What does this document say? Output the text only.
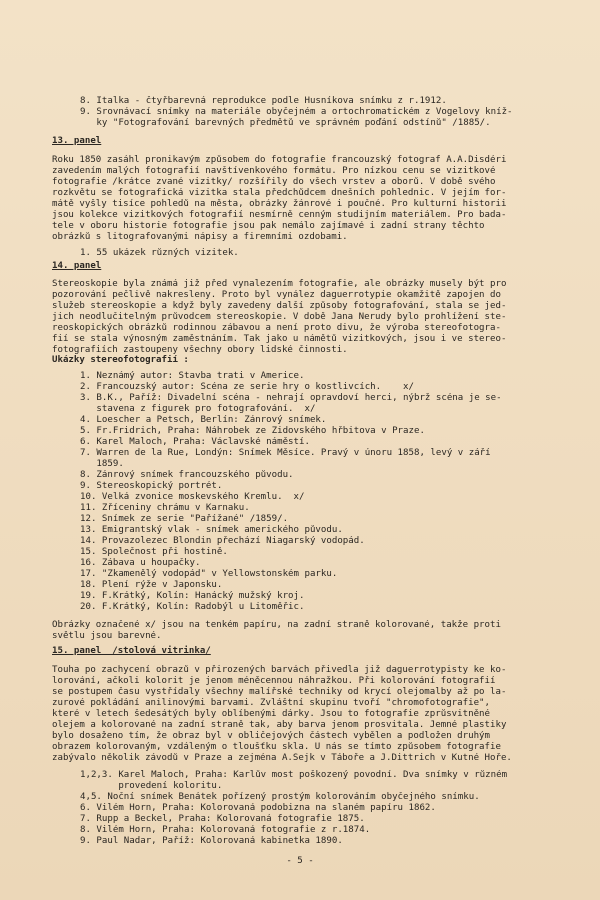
8. Italka - čtyřbarevná reprodukce podle Husníkova snímku z r.1912.
9. Srovnávací snímky na materiále obyčejném a ortochromatickém z Vogelovy kníž-
ky "Fotografování barevných předmětů ve správném poďání odstínů" /1885/.
13. panel
Roku 1850 zasáhl pronikavým způsobem do fotografie francouzský fotograf A.A.Disdéri
zavedením malých fotografií navštívenkového formátu. Pro nízkou cenu se vizitkové
fotografie /krátce zvané vizitky/ rozšířily do všech vrstev a oborů. V době svého
rozkvětu se fotografická vizitka stala předchůdcem dnešních pohlednic. V jejím for-
mátě vyšly tisíce pohledů na města, obrázky žánrové i poučné. Pro kulturní historii
jsou kolekce vizitkových fotografií nesmírně cenným studijním materiálem. Pro bada-
tele v oboru historie fotografie jsou pak nemálo zajímavé i zadní strany těchto
obrázků s litografovanými nápisy a firemními ozdobami.
1. 55 ukázek různých vizitek.
14. panel
Stereoskopie byla známá již před vynalezením fotografie, ale obrázky musely být pro
pozorování pečlivě nakresleny. Proto byl vynález daguerrotypie okamžitě zapojen do
služeb stereoskopie a když byly zavedeny další způsoby fotografování, stala se jed-
jich neodlučitelným průvodcem stereoskopie. V době Jana Nerudy bylo prohlížení ste-
reoskopických obrázků rodinnou zábavou a není proto divu, že výroba stereofotogra-
fií se stala výnosným zaměstnáním. Tak jako u námětů vizitkových, jsou i ve stereo-
fotografiích zastoupeny všechny obory lidské činnosti.
Ukázky stereofotografií :
1. Neznámý autor: Stavba trati v Americe.
2. Francouzský autor: Scéna ze serie hry o kostlivcích.    x/
3. B.K., Paříž: Divadelní scéna - nehrají opravdoví herci, nýbrž scéna je se-
stavena z figurek pro fotografování.  x/
4. Loescher a Petsch, Berlín: Žánrový snímek.
5. Fr.Fridrich, Praha: Náhrobek ze Židovského hřbitova v Praze.
6. Karel Maloch, Praha: Václavské náměstí.
7. Warren de la Rue, Londýn: Snímek Měsíce. Pravý v únoru 1858, levý v září
1859.
8. Žánrový snímek francouzského původu.
9. Stereoskopický portrét.
10. Velká zvonice moskevského Kremlu.  x/
11. Zříceniny chrámu v Karnaku.
12. Snímek ze serie "Pařížané" /1859/.
13. Emigrantský vlak - snímek amerického původu.
14. Provazolezec Blondin přechází Niagarský vodopád.
15. Společnost při hostině.
16. Zábava u houpačky.
17. "Zkamenělý vodopád" v Yellowstonském parku.
18. Plení rýže v Japonsku.
19. F.Krátký, Kolín: Hanácký mužský kroj.
20. F.Krátký, Kolín: Radobýl u Litoměřic.
Obrázky označené x/ jsou na tenkém papíru, na zadní straně kolorované, takže proti
světlu jsou barevné.
15. panel  /stolová vitrinka/
Touha po zachycení obrazů v přirozených barvách přivedla již daguerrotypisty ke ko-
lorování, ačkoli kolorit je jenom méněcennou náhražkou. Při kolorování fotografií
se postupem času vystřídaly všechny malířské techniky od krycí olejomalby až po la-
zurové pokládání anilinovými barvami. Zvláštní skupinu tvoří "chromofotografie",
které v letech šedesátých byly oblíbenými dárky. Jsou to fotografie zprůsvitněné
olejem a kolorované na zadní straně tak, aby barva jenom prosvitala. Jemné plastiky
bylo dosaženo tím, že obraz byl v obličejových částech vybělen a podložen druhým
obrazem kolorovaným, vzdáleným o tloušťku skla. U nás se tímto způsobem fotografie
zabývalo několik závodů v Praze a zejména A.Sejk v Táboře a J.Dittrich v Kutné Hoře.
1,2,3. Karel Maloch, Praha: Karlův most poškozený povodní. Dva snímky v různém
provedení koloritu.
4,5. Noční snímek Benátek pořízený prostým kolorováním obyčejného snímku.
6. Vilém Horn, Praha: Kolorovaná podobizna na slaném papíru 1862.
7. Rupp a Beckel, Praha: Kolorovaná fotografie 1875.
8. Vilém Horn, Praha: Kolorovaná fotografie z r.1874.
9. Paul Nadar, Paříž: Kolorovaná kabinetka 1890.
- 5 -
